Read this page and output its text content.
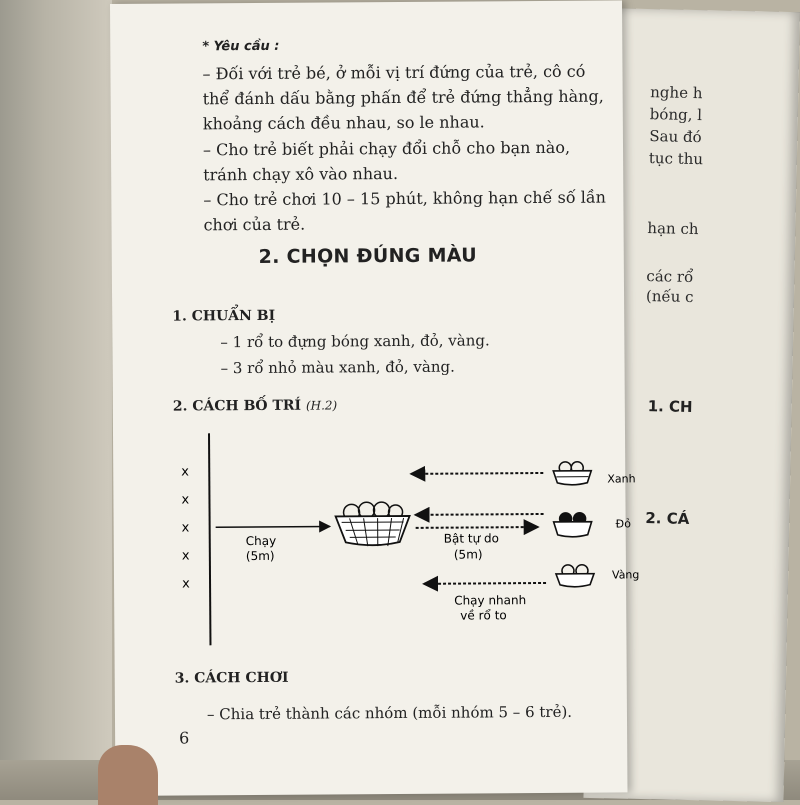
nghe h
bóng, l
Sau đó
tục thu
hạn ch
các rổ
(nếu c
1. CH
2. CÁ
* Yêu cầu :
– Đối với trẻ bé, ở mỗi vị trí đứng của trẻ, cô có thể đánh dấu bằng phấn để trẻ đứng thẳng hàng, khoảng cách đều nhau, so le nhau.
– Cho trẻ biết phải chạy đổi chỗ cho bạn nào, tránh chạy xô vào nhau.
– Cho trẻ chơi 10 – 15 phút, không hạn chế số lần chơi của trẻ.
2. CHỌN ĐÚNG MÀU
1. CHUẨN BỊ
– 1 rổ to đựng bóng xanh, đỏ, vàng.
– 3 rổ nhỏ màu xanh, đỏ, vàng.
2. CÁCH BỐ TRÍ (H.2)
x
x
x
x
x
Chạy
(5m)
Bật tự do
(5m)
Chạy nhanh
về rổ to
Xanh
Đỏ
Vàng
3. CÁCH CHƠI
– Chia trẻ thành các nhóm (mỗi nhóm 5 – 6 trẻ).
6
